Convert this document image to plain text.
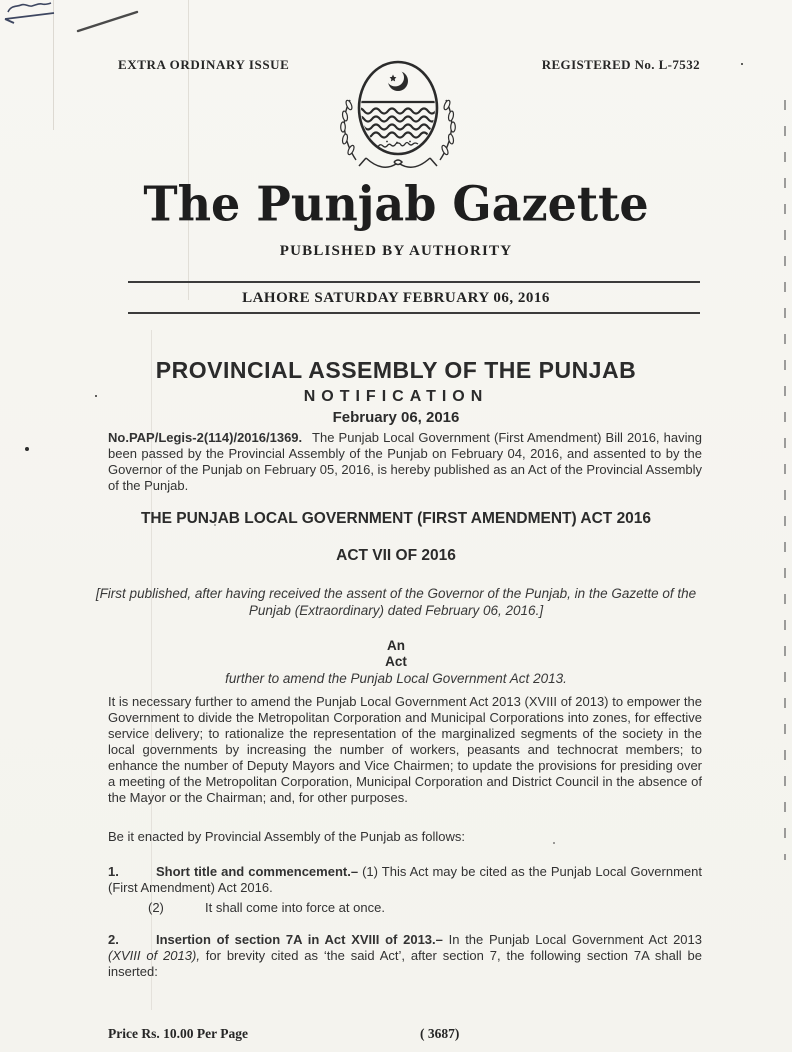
EXTRA ORDINARY ISSUE	REGISTERED No. L-7532
The Punjab Gazette
PUBLISHED BY AUTHORITY
LAHORE SATURDAY FEBRUARY 06, 2016
PROVINCIAL ASSEMBLY OF THE PUNJAB
NOTIFICATION
February 06, 2016

No.PAP/Legis-2(114)/2016/1369. The Punjab Local Government (First Amendment) Bill 2016, having been passed by the Provincial Assembly of the Punjab on February 04, 2016, and assented to by the Governor of the Punjab on February 05, 2016, is hereby published as an Act of the Provincial Assembly of the Punjab.

THE PUNJAB LOCAL GOVERNMENT (FIRST AMENDMENT) ACT 2016
ACT VII OF 2016
[First published, after having received the assent of the Governor of the Punjab, in the Gazette of the Punjab (Extraordinary) dated February 06, 2016.]
An
Act
further to amend the Punjab Local Government Act 2013.

It is necessary further to amend the Punjab Local Government Act 2013 (XVIII of 2013) to empower the Government to divide the Metropolitan Corporation and Municipal Corporations into zones, for effective service delivery; to rationalize the representation of the marginalized segments of the society in the local governments by increasing the number of workers, peasants and technocrat members; to enhance the number of Deputy Mayors and Vice Chairmen; to update the provisions for presiding over a meeting of the Metropolitan Corporation, Municipal Corporation and District Council in the absence of the Mayor or the Chairman; and, for other purposes.

Be it enacted by Provincial Assembly of the Punjab as follows:

1.	Short title and commencement.– (1) This Act may be cited as the Punjab Local Government (First Amendment) Act 2016.

(2)	It shall come into force at once.

2.	Insertion of section 7A in Act XVIII of 2013.– In the Punjab Local Government Act 2013 (XVIII of 2013), for brevity cited as ‘the said Act’, after section 7, the following section 7A shall be inserted:

Price Rs. 10.00 Per Page	( 3687)
